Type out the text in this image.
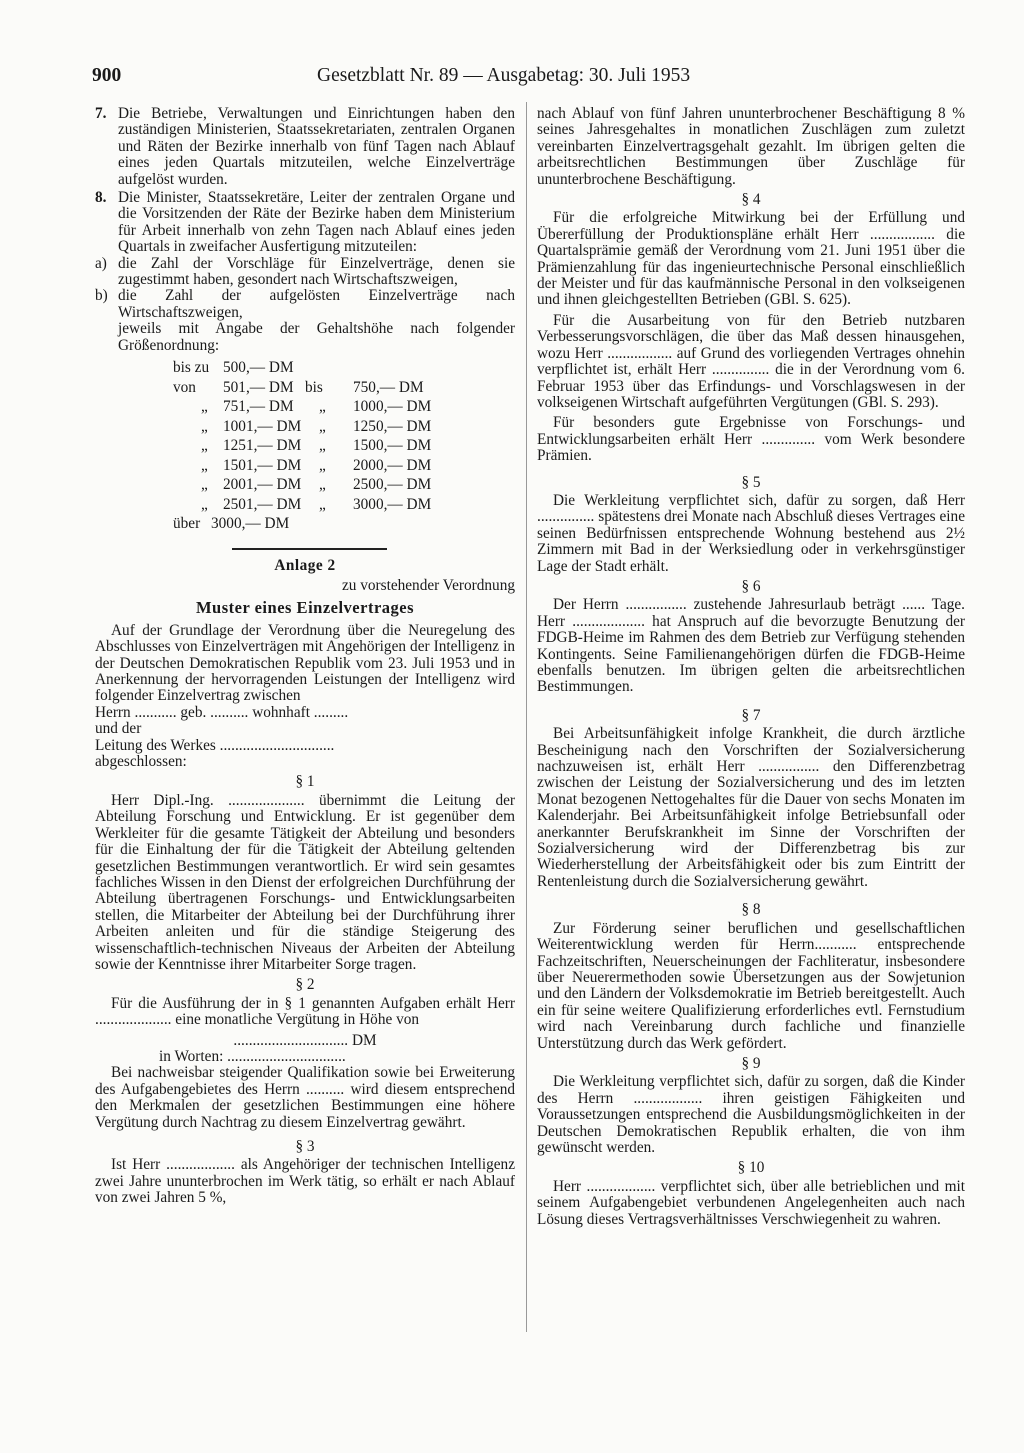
900	Gesetzblatt Nr. 89 — Ausgabetag: 30. Juli 1953
7. Die Betriebe, Verwaltungen und Einrichtungen haben den zuständigen Ministerien, Staatssekretariaten, zentralen Organen und Räten der Bezirke innerhalb von fünf Tagen nach Ablauf eines jeden Quartals mitzuteilen, welche Einzelverträge aufgelöst wurden.
8. Die Minister, Staatssekretäre, Leiter der zentralen Organe und die Vorsitzenden der Räte der Bezirke haben dem Ministerium für Arbeit innerhalb von zehn Tagen nach Ablauf eines jeden Quartals in zweifacher Ausfertigung mitzuteilen:
a) die Zahl der Vorschläge für Einzelverträge, denen sie zugestimmt haben, gesondert nach Wirtschaftszweigen,
b) die Zahl der aufgelösten Einzelverträge nach Wirtschaftszweigen,

jeweils mit Angabe der Gehaltshöhe nach folgender Größenordnung:

bis zu 500,— DM
von 501,— DM bis 750,— DM
„ 751,— DM „ 1000,— DM
„ 1001,— DM „ 1250,— DM
„ 1251,— DM „ 1500,— DM
„ 1501,— DM „ 2000,— DM
„ 2001,— DM „ 2500,— DM
„ 2501,— DM „ 3000,— DM
über 3000,— DM
Anlage 2
zu vorstehender Verordnung
Muster eines Einzelvertrages

Auf der Grundlage der Verordnung über die Neuregelung des Abschlusses von Einzelverträgen mit Angehörigen der Intelligenz in der Deutschen Demokratischen Republik vom 23. Juli 1953 und in Anerkennung der hervorragenden Leistungen der Intelligenz wird folgender Einzelvertrag zwischen

Herrn ........... geb. .......... wohnhaft .........

und der

Leitung des Werkes ..............................

abgeschlossen:

§ 1

Herr Dipl.-Ing. .................... übernimmt die Leitung der Abteilung Forschung und Entwicklung. Er ist gegenüber dem Werkleiter für die gesamte Tätigkeit der Abteilung und besonders für die Einhaltung der für die Tätigkeit der Abteilung geltenden gesetzlichen Bestimmungen verantwortlich. Er wird sein gesamtes fachliches Wissen in den Dienst der erfolgreichen Durchführung der Abteilung übertragenen Forschungs- und Entwicklungsarbeiten stellen, die Mitarbeiter der Abteilung bei der Durchführung ihrer Arbeiten anleiten und für die ständige Steigerung des wissenschaftlich-technischen Niveaus der Arbeiten der Abteilung sowie der Kenntnisse ihrer Mitarbeiter Sorge tragen.

§ 2

Für die Ausführung der in § 1 genannten Aufgaben erhält Herr .................... eine monatliche Vergütung in Höhe von

.............................. DM

in Worten: ...............................

Bei nachweisbar steigender Qualifikation sowie bei Erweiterung des Aufgabengebietes des Herrn .......... wird diesem entsprechend den Merkmalen der gesetzlichen Bestimmungen eine höhere Vergütung durch Nachtrag zu diesem Einzelvertrag gewährt.

§ 3

Ist Herr .................. als Angehöriger der technischen Intelligenz zwei Jahre ununterbrochen im Werk tätig, so erhält er nach Ablauf von zwei Jahren 5 %,

nach Ablauf von fünf Jahren ununterbrochener Beschäftigung 8 % seines Jahresgehaltes in monatlichen Zuschlägen zum zuletzt vereinbarten Einzelvertragsgehalt gezahlt. Im übrigen gelten die arbeitsrechtlichen Bestimmungen über Zuschläge für ununterbrochene Beschäftigung.

§ 4

Für die erfolgreiche Mitwirkung bei der Erfüllung und Übererfüllung der Produktionspläne erhält Herr ................. die Quartalsprämie gemäß der Verordnung vom 21. Juni 1951 über die Prämienzahlung für das ingenieurtechnische Personal einschließlich der Meister und für das kaufmännische Personal in den volkseigenen und ihnen gleichgestellten Betrieben (GBl. S. 625).

Für die Ausarbeitung von für den Betrieb nutzbaren Verbesserungsvorschlägen, die über das Maß dessen hinausgehen, wozu Herr ................. auf Grund des vorliegenden Vertrages ohnehin verpflichtet ist, erhält Herr ............... die in der Verordnung vom 6. Februar 1953 über das Erfindungs- und Vorschlagswesen in der volkseigenen Wirtschaft aufgeführten Vergütungen (GBl. S. 293).

Für besonders gute Ergebnisse von Forschungs- und Entwicklungsarbeiten erhält Herr .............. vom Werk besondere Prämien.

§ 5

Die Werkleitung verpflichtet sich, dafür zu sorgen, daß Herr ............... spätestens drei Monate nach Abschluß dieses Vertrages eine seinen Bedürfnissen entsprechende Wohnung bestehend aus 2½ Zimmern mit Bad in der Werksiedlung oder in verkehrsgünstiger Lage der Stadt erhält.

§ 6

Der Herrn ................ zustehende Jahresurlaub beträgt ...... Tage. Herr ................... hat Anspruch auf die bevorzugte Benutzung der FDGB-Heime im Rahmen des dem Betrieb zur Verfügung stehenden Kontingents. Seine Familienangehörigen dürfen die FDGB-Heime ebenfalls benutzen. Im übrigen gelten die arbeitsrechtlichen Bestimmungen.

§ 7

Bei Arbeitsunfähigkeit infolge Krankheit, die durch ärztliche Bescheinigung nach den Vorschriften der Sozialversicherung nachzuweisen ist, erhält Herr ................ den Differenzbetrag zwischen der Leistung der Sozialversicherung und des im letzten Monat bezogenen Nettogehaltes für die Dauer von sechs Monaten im Kalenderjahr. Bei Arbeitsunfähigkeit infolge Betriebsunfall oder anerkannter Berufskrankheit im Sinne der Vorschriften der Sozialversicherung wird der Differenzbetrag bis zur Wiederherstellung der Arbeitsfähigkeit oder bis zum Eintritt der Rentenleistung durch die Sozialversicherung gewährt.

§ 8

Zur Förderung seiner beruflichen und gesellschaftlichen Weiterentwicklung werden für Herrn........... entsprechende Fachzeitschriften, Neuerscheinungen der Fachliteratur, insbesondere über Neuerermethoden sowie Übersetzungen aus der Sowjetunion und den Ländern der Volksdemokratie im Betrieb bereitgestellt. Auch ein für seine weitere Qualifizierung erforderliches evtl. Fernstudium wird nach Vereinbarung durch fachliche und finanzielle Unterstützung durch das Werk gefördert.

§ 9

Die Werkleitung verpflichtet sich, dafür zu sorgen, daß die Kinder des Herrn .................. ihren geistigen Fähigkeiten und Voraussetzungen entsprechend die Ausbildungsmöglichkeiten in der Deutschen Demokratischen Republik erhalten, die von ihm gewünscht werden.

§ 10

Herr .................. verpflichtet sich, über alle betrieblichen und mit seinem Aufgabengebiet verbundenen Angelegenheiten auch nach Lösung dieses Vertragsverhältnisses Verschwiegenheit zu wahren.
